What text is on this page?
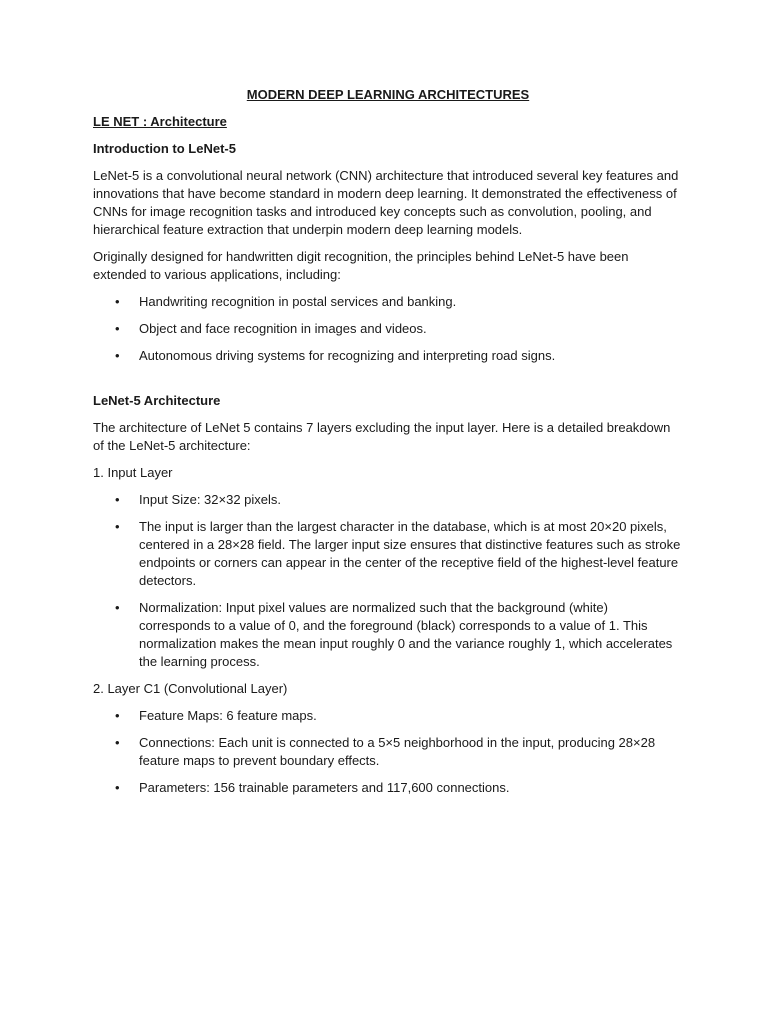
MODERN DEEP LEARNING ARCHITECTURES
LE NET : Architecture
Introduction to LeNet-5

LeNet-5 is a convolutional neural network (CNN) architecture that introduced several key features and innovations that have become standard in modern deep learning. It demonstrated the effectiveness of CNNs for image recognition tasks and introduced key concepts such as convolution, pooling, and hierarchical feature extraction that underpin modern deep learning models.

Originally designed for handwritten digit recognition, the principles behind LeNet-5 have been extended to various applications, including:

• Handwriting recognition in postal services and banking.
• Object and face recognition in images and videos.
• Autonomous driving systems for recognizing and interpreting road signs.
LeNet-5 Architecture

The architecture of LeNet 5 contains 7 layers excluding the input layer. Here is a detailed breakdown of the LeNet-5 architecture:

1. Input Layer

• Input Size: 32×32 pixels.
• The input is larger than the largest character in the database, which is at most 20×20 pixels, centered in a 28×28 field. The larger input size ensures that distinctive features such as stroke endpoints or corners can appear in the center of the receptive field of the highest-level feature detectors.
• Normalization: Input pixel values are normalized such that the background (white) corresponds to a value of 0, and the foreground (black) corresponds to a value of 1. This normalization makes the mean input roughly 0 and the variance roughly 1, which accelerates the learning process.

2. Layer C1 (Convolutional Layer)

• Feature Maps: 6 feature maps.
• Connections: Each unit is connected to a 5×5 neighborhood in the input, producing 28×28 feature maps to prevent boundary effects.
• Parameters: 156 trainable parameters and 117,600 connections.
